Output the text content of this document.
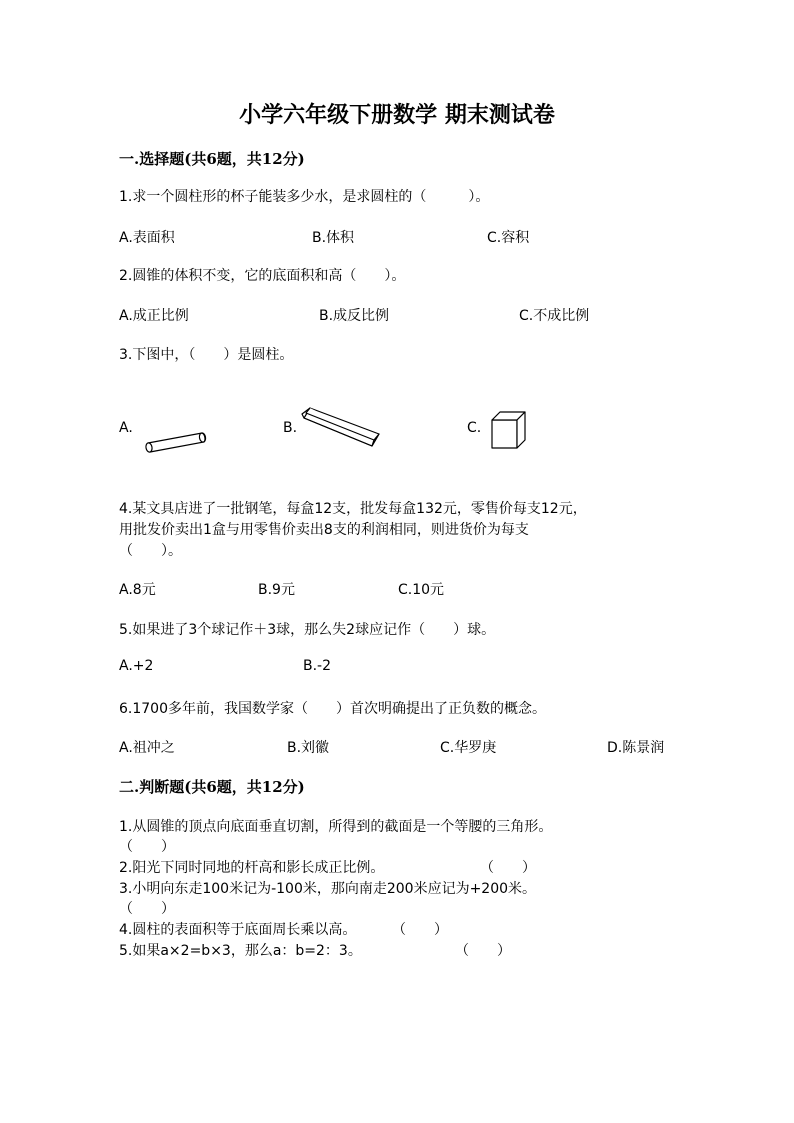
小学六年级下册数学 期末测试卷
一.选择题(共6题，共12分)
1.求一个圆柱形的杯子能装多少水，是求圆柱的（　　　）。
A.表面积	B.体积	C.容积
2.圆锥的体积不变，它的底面积和高（　　）。
A.成正比例	B.成反比例	C.不成比例
3.下图中，（　　）是圆柱。
A.	B.	C.
4.某文具店进了一批钢笔，每盒12支，批发每盒132元，零售价每支12元，
用批发价卖出1盒与用零售价卖出8支的利润相同，则进货价为每支
（　　）。
A.8元	B.9元	C.10元
5.如果进了3个球记作＋3球，那么失2球应记作（　　）球。
A.+2	B.-2
6.1700多年前，我国数学家（　　）首次明确提出了正负数的概念。
A.祖冲之	B.刘徽	C.华罗庚	D.陈景润
二.判断题(共6题，共12分)
1.从圆锥的顶点向底面垂直切割，所得到的截面是一个等腰的三角形。
（　　）
2.阳光下同时同地的杆高和影长成正比例。	（　　）
3.小明向东走100米记为-100米，那向南走200米应记为+200米。
（　　）
4.圆柱的表面积等于底面周长乘以高。	（　　）
5.如果a×2=b×3，那么a：b=2：3。	（　　）
